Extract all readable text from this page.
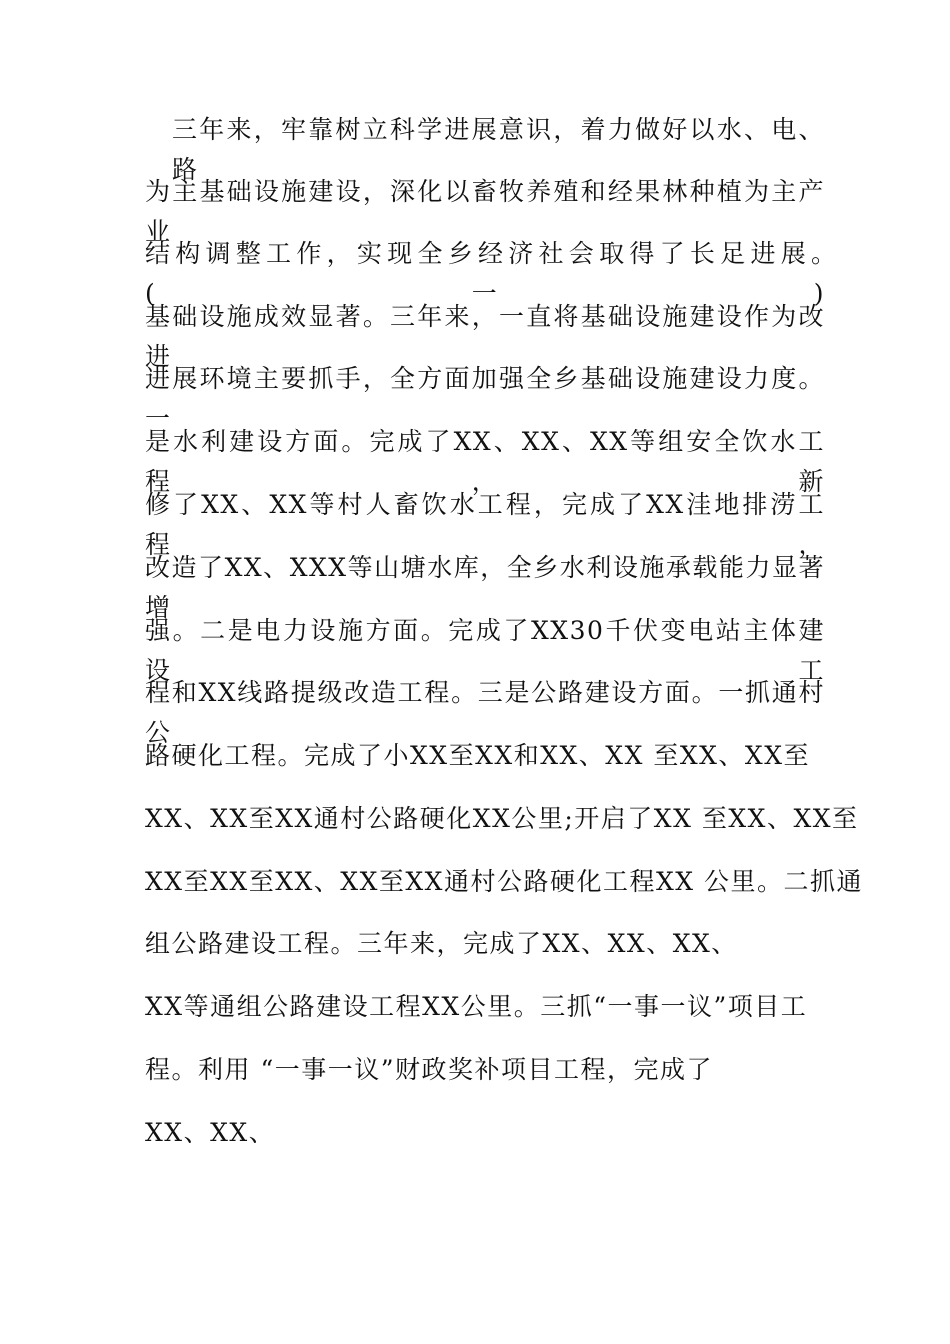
三年来，牢靠树立科学进展意识，着力做好以水、电、路
为主基础设施建设，深化以畜牧养殖和经果林种植为主产业
结构调整工作，实现全乡经济社会取得了长足进展。　　(一)
基础设施成效显著。三年来，一直将基础设施建设作为改进
进展环境主要抓手，全方面加强全乡基础设施建设力度。一
是水利建设方面。完成了XX、XX、XX等组安全饮水工程，新
修了XX、XX等村人畜饮水工程，完成了XX洼地排涝工程，
改造了XX、XXX等山塘水库，全乡水利设施承载能力显著增
强。二是电力设施方面。完成了XX30千伏变电站主体建设工
程和XX线路提级改造工程。三是公路建设方面。一抓通村公
路硬化工程。完成了小XX至XX和XX、XX 至XX、XX至
XX、XX至XX通村公路硬化XX公里;开启了XX 至XX、XX至
XX至XX至XX、XX至XX通村公路硬化工程XX 公里。二抓通
组公路建设工程。三年来，完成了XX、XX、XX、
XX等通组公路建设工程XX公里。三抓“一事一议”项目工
程。利用 “一事一议”财政奖补项目工程，完成了
XX、XX、
